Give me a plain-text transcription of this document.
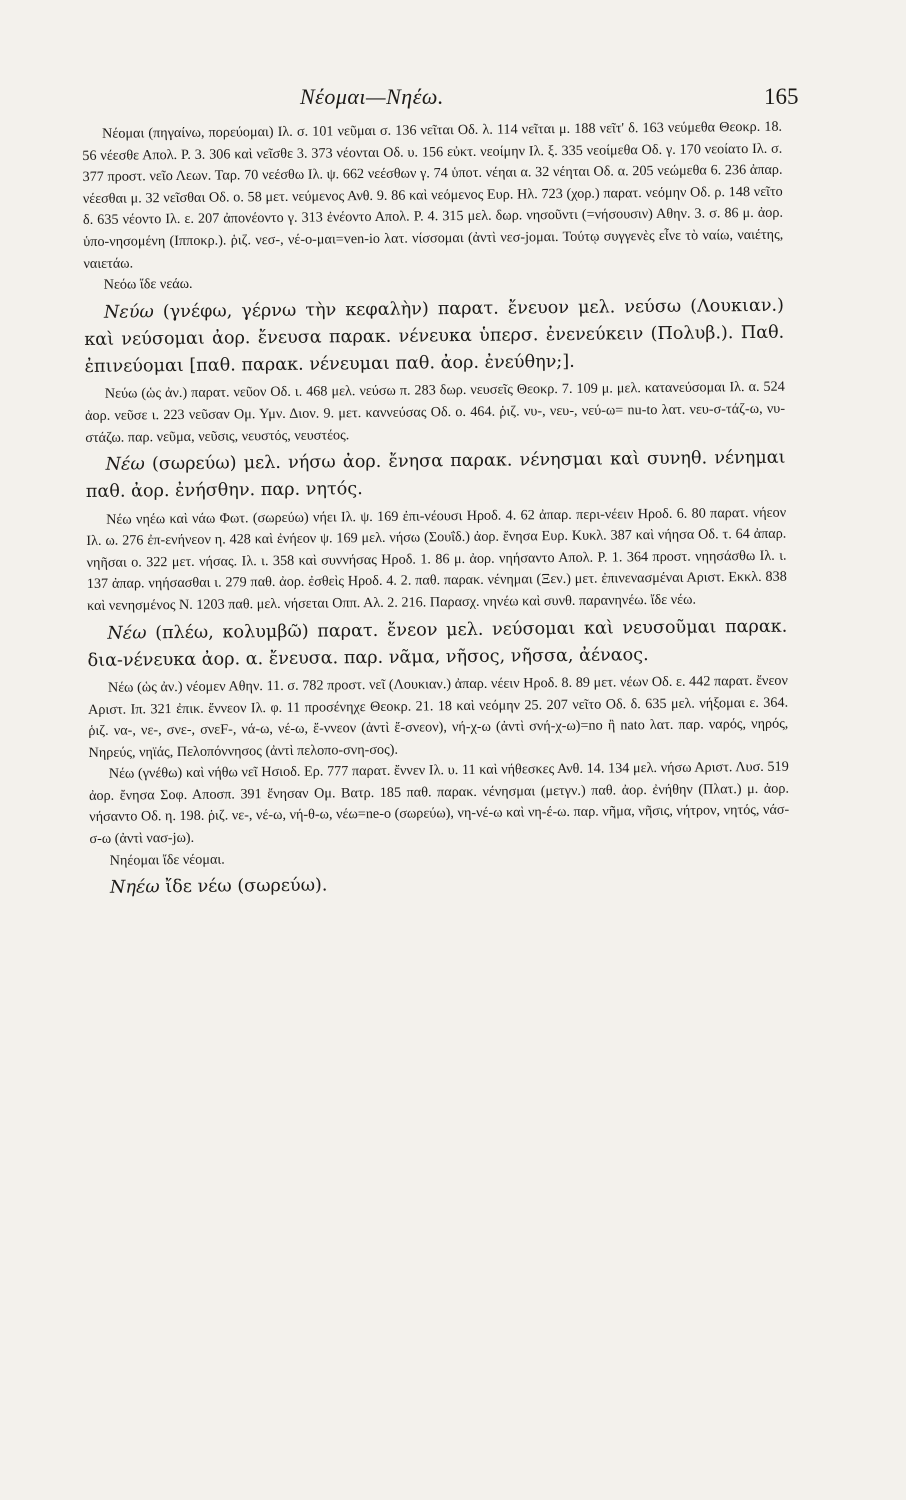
Νέομαι—Νηέω.	165

Νέομαι (πηγαίνω, πορεύομαι) Ιλ. σ. 101 νεῦμαι σ. 136 νεῖται Οδ. λ. 114 νεῖται μ. 188 νεῖτ' δ. 163 νεύμεθα Θεοκρ. 18. 56 νέεσθε Απολ. Ρ. 3. 306 καὶ νεῖσθε 3. 373 νέονται Οδ. υ. 156 εὐκτ. νεοίμην Ιλ. ξ. 335 νεοίμεθα Οδ. γ. 170 νεοίατο Ιλ. σ. 377 προστ. νεῖο Λεων. Ταρ. 70 νεέσθω Ιλ. ψ. 662 νεέσθων γ. 74 ὑποτ. νέηαι α. 32 νέηται Οδ. α. 205 νεώμεθα 6. 236 ἀπαρ. νέεσθαι μ. 32 νεῖσθαι Οδ. ο. 58 μετ. νεύμενος Ανθ. 9. 86 καὶ νεόμενος Ευρ. Ηλ. 723 (χορ.) παρατ. νεόμην Οδ. ρ. 148 νεῖτο δ. 635 νέοντο Ιλ. ε. 207 ἀπονέοντο γ. 313 ἐνέοντο Απολ. Ρ. 4. 315 μελ. δωρ. νησοῦντι (=νήσουσιν) Αθην. 3. σ. 86 μ. ἀορ. ὑπο-νησομένη (Ιπποκρ.). ῥιζ. νεσ-, νέ-ο-μαι=ven-io λατ. νίσσομαι (ἀντὶ νεσ-jομαι. Τούτῳ συγγενὲς εἶνε τὸ ναίω, ναιέτης, ναιετάω.

Νεόω ἴδε νεάω.

Νεύω (γνέφω, γέρνω τὴν κεφαλὴν) παρατ. ἔνευον μελ. νεύσω (Λουκιαν.) καὶ νεύσομαι ἀορ. ἔνευσα παρακ. νένευκα ὑπερσ. ἐνενεύκειν (Πολυβ.). Παθ. ἐπινεύομαι [παθ. παρακ. νένευμαι παθ. ἀορ. ἐνεύθην;].

Νεύω (ὡς ἀν.) παρατ. νεῦον Οδ. ι. 468 μελ. νεύσω π. 283 δωρ. νευσεῖς Θεοκρ. 7. 109 μ. μελ. κατανεύσομαι Ιλ. α. 524 ἀορ. νεῦσε ι. 223 νεῦσαν Ομ. Υμν. Διον. 9. μετ. καννεύσας Οδ. ο. 464. ῥιζ. νυ-, νευ-, νεύ-ω= nu-to λατ. νευ-σ-τάζ-ω, νυ-στάζω. παρ. νεῦμα, νεῦσις, νευστός, νευστέος.

Νέω (σωρεύω) μελ. νήσω ἀορ. ἔνησα παρακ. νένησμαι καὶ συνηθ. νένημαι παθ. ἀορ. ἐνήσθην. παρ. νητός.

Νέω νηέω καὶ νάω Φωτ. (σωρεύω) νήει Ιλ. ψ. 169 ἐπι-νέουσι Ηροδ. 4. 62 ἀπαρ. περι-νέειν Ηροδ. 6. 80 παρατ. νήεον Ιλ. ω. 276 ἐπ-ενήνεον η. 428 καὶ ἐνήεον ψ. 169 μελ. νήσω (Σουΐδ.) ἀορ. ἔνησα Ευρ. Κυκλ. 387 καὶ νήησα Οδ. τ. 64 ἀπαρ. νηῆσαι ο. 322 μετ. νήσας. Ιλ. ι. 358 καὶ συννήσας Ηροδ. 1. 86 μ. ἀορ. νηήσαντο Απολ. Ρ. 1. 364 προστ. νηησάσθω Ιλ. ι. 137 ἀπαρ. νηήσασθαι ι. 279 παθ. ἀορ. ἐσθεὶς Ηροδ. 4. 2. παθ. παρακ. νένημαι (Ξεν.) μετ. ἐπινενασμέναι Αριστ. Εκκλ. 838 καὶ νενησμένος Ν. 1203 παθ. μελ. νήσεται Οππ. Αλ. 2. 216. Παρασχ. νηνέω καὶ συνθ. παρανηνέω. ἴδε νέω.

Νέω (πλέω, κολυμβῶ) παρατ. ἔνεον μελ. νεύσομαι καὶ νευσοῦμαι παρακ. δια-νένευκα ἀορ. α. ἔνευσα. παρ. νᾶμα, νῆσος, νῆσσα, ἀέναος.

Νέω (ὡς ἀν.) νέομεν Αθην. 11. σ. 782 προστ. νεῖ (Λουκιαν.) ἀπαρ. νέειν Ηροδ. 8. 89 μετ. νέων Οδ. ε. 442 παρατ. ἔνεον Αριστ. Ιπ. 321 ἐπικ. ἔννεον Ιλ. φ. 11 προσένηχε Θεοκρ. 21. 18 καὶ νεόμην 25. 207 νεῖτο Οδ. δ. 635 μελ. νήξομαι ε. 364. ῥιζ. να-, νε-, σνε-, σνεF-, νά-ω, νέ-ω, ἔ-ννεον (ἀντὶ ἔ-σνεον), νή-χ-ω (ἀντὶ σνή-χ-ω)=no ἢ nato λατ. παρ. ναρός, νηρός, Νηρεύς, νηϊάς, Πελοπόννησος (ἀντὶ πελοπο-σνη-σος).

Νέω (γνέθω) καὶ νήθω νεῖ Ησιοδ. Ερ. 777 παρατ. ἔννεν Ιλ. υ. 11 καὶ νήθεσκες Ανθ. 14. 134 μελ. νήσω Αριστ. Λυσ. 519 ἀορ. ἔνησα Σοφ. Αποσπ. 391 ἔνησαν Ομ. Βατρ. 185 παθ. παρακ. νένησμαι (μετγν.) παθ. ἀορ. ἐνήθην (Πλατ.) μ. ἀορ. νήσαντο Οδ. η. 198. ῥιζ. νε-, νέ-ω, νή-θ-ω, νέω=ne-o (σωρεύω), νη-νέ-ω καὶ νη-έ-ω. παρ. νῆμα, νῆσις, νήτρον, νητός, νάσ-σ-ω (ἀντὶ νασ-jω).

Νηέομαι ἴδε νέομαι.

Νηέω ἴδε νέω (σωρεύω).
